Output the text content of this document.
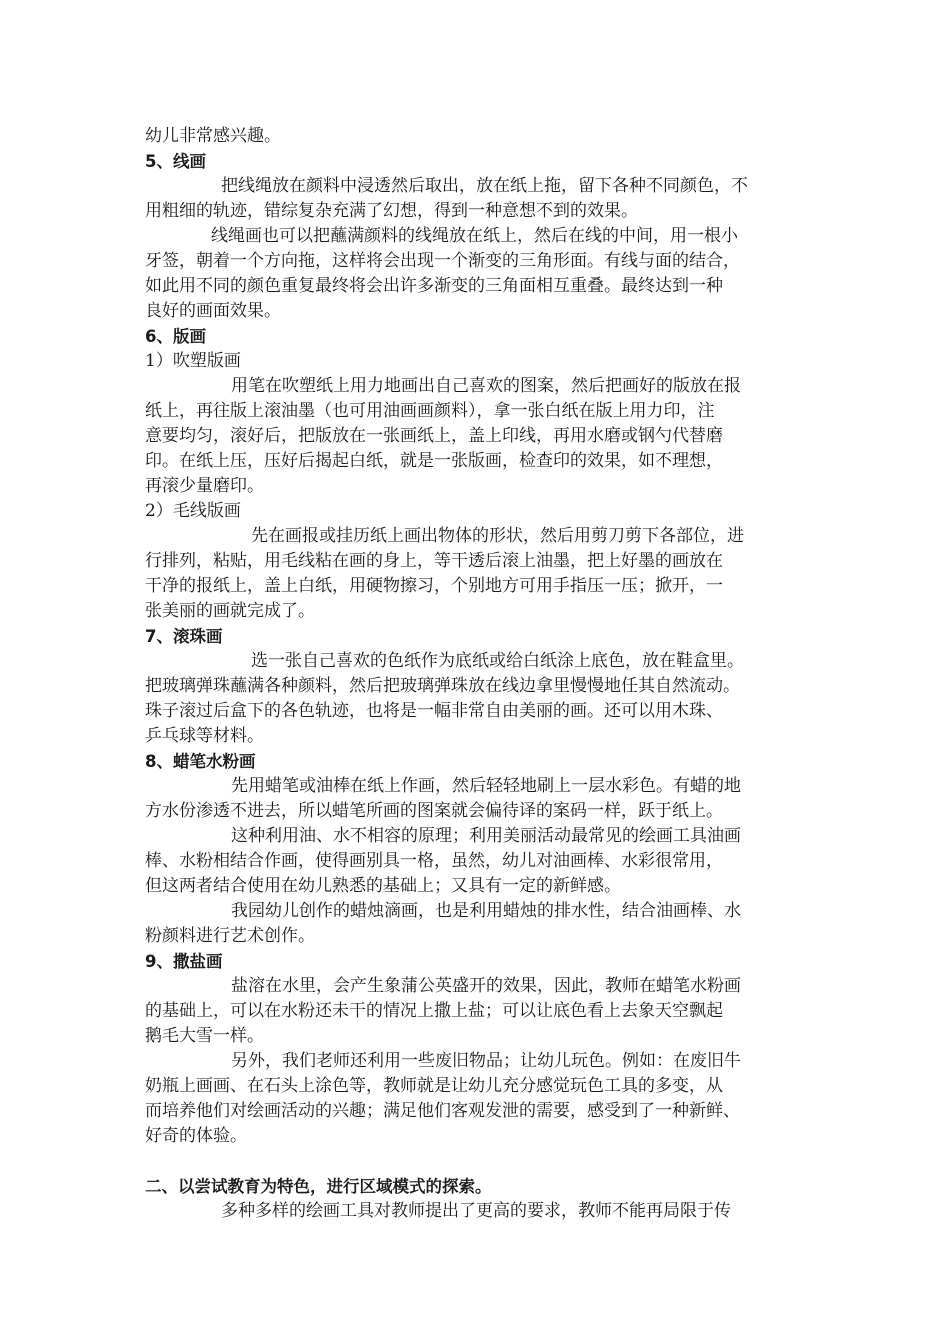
幼儿非常感兴趣。

5、线画

把线绳放在颜料中浸透然后取出，放在纸上拖，留下各种不同颜色，不

用粗细的轨迹，错综复杂充满了幻想，得到一种意想不到的效果。

线绳画也可以把蘸满颜料的线绳放在纸上，然后在线的中间，用一根小

牙签，朝着一个方向拖，这样将会出现一个渐变的三角形面。有线与面的结合，

如此用不同的颜色重复最终将会出许多渐变的三角面相互重叠。最终达到一种

良好的画面效果。

6、版画

1）吹塑版画

用笔在吹塑纸上用力地画出自己喜欢的图案，然后把画好的版放在报

纸上，再往版上滚油墨（也可用油画画颜料），拿一张白纸在版上用力印，注

意要均匀，滚好后，把版放在一张画纸上，盖上印线，再用水磨或钢勺代替磨

印。在纸上压，压好后揭起白纸，就是一张版画，检查印的效果，如不理想，

再滚少量磨印。

2）毛线版画

先在画报或挂历纸上画出物体的形状，然后用剪刀剪下各部位，进

行排列，粘贴，用毛线粘在画的身上，等干透后滚上油墨，把上好墨的画放在

干净的报纸上，盖上白纸，用硬物擦习，个别地方可用手指压一压；掀开，一

张美丽的画就完成了。

7、滚珠画

选一张自己喜欢的色纸作为底纸或给白纸涂上底色，放在鞋盒里。

把玻璃弹珠蘸满各种颜料，然后把玻璃弹珠放在线边拿里慢慢地任其自然流动。

珠子滚过后盒下的各色轨迹，也将是一幅非常自由美丽的画。还可以用木珠、

乒乓球等材料。

8、蜡笔水粉画

先用蜡笔或油棒在纸上作画，然后轻轻地刷上一层水彩色。有蜡的地

方水份渗透不进去，所以蜡笔所画的图案就会偏待译的案码一样，跃于纸上。

这种利用油、水不相容的原理；利用美丽活动最常见的绘画工具油画

棒、水粉相结合作画，使得画别具一格，虽然，幼儿对油画棒、水彩很常用，

但这两者结合使用在幼儿熟悉的基础上；又具有一定的新鲜感。

我园幼儿创作的蜡烛滴画，也是利用蜡烛的排水性，结合油画棒、水

粉颜料进行艺术创作。

9、撒盐画

盐溶在水里，会产生象蒲公英盛开的效果，因此，教师在蜡笔水粉画

的基础上，可以在水粉还未干的情况上撒上盐；可以让底色看上去象天空飘起

鹅毛大雪一样。

另外，我们老师还利用一些废旧物品；让幼儿玩色。例如：在废旧牛

奶瓶上画画、在石头上涂色等，教师就是让幼儿充分感觉玩色工具的多变，从

而培养他们对绘画活动的兴趣；满足他们客观发泄的需要，感受到了一种新鲜、

好奇的体验。

二、以尝试教育为特色，进行区域模式的探索。

多种多样的绘画工具对教师提出了更高的要求，教师不能再局限于传
